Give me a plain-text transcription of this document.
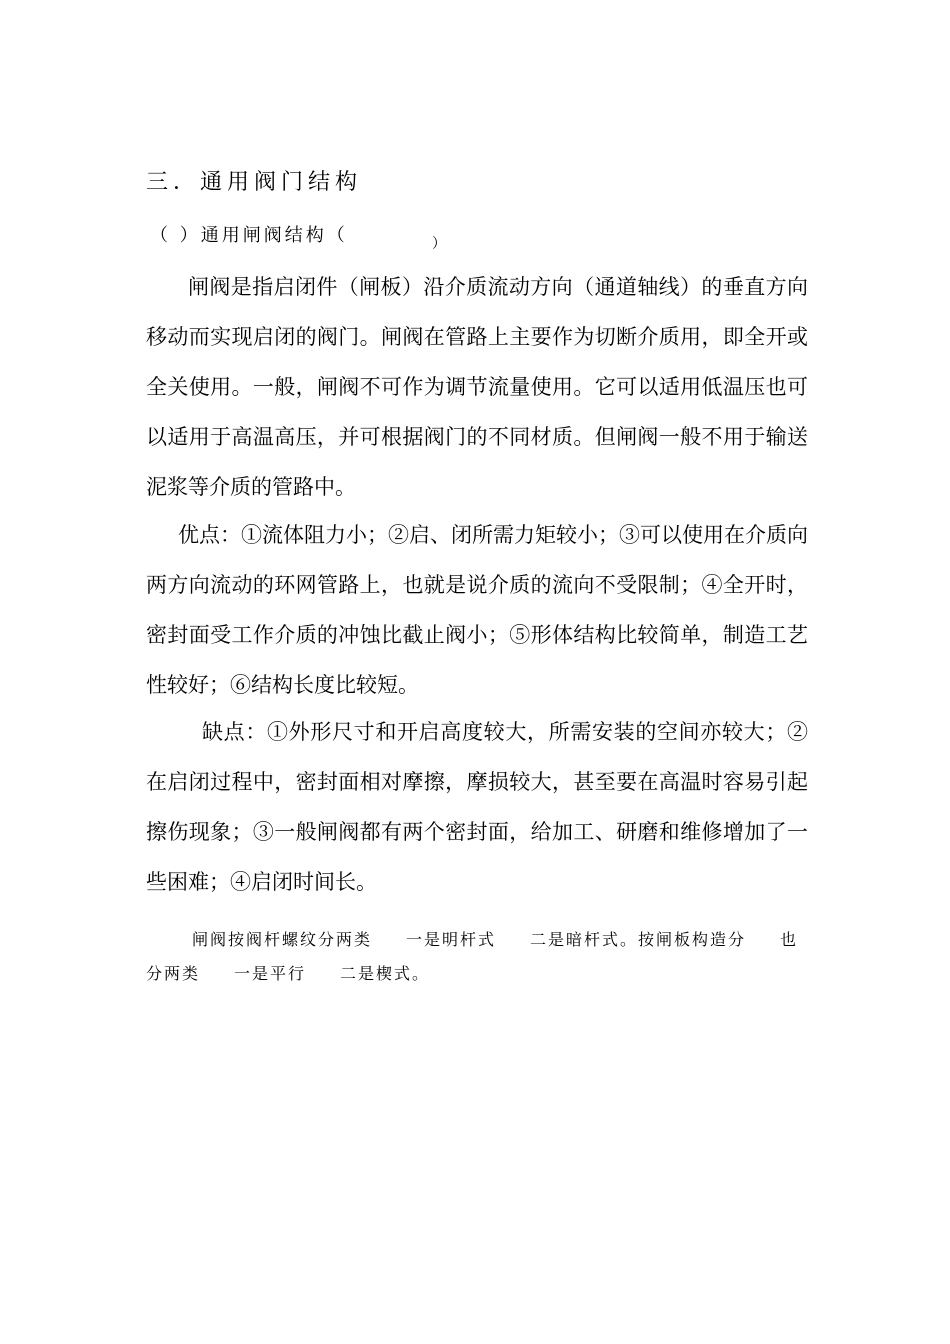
三．通用阀门结构
（ ）通用闸阀结构（	）
闸阀是指启闭件（闸板）沿介质流动方向（通道轴线）的垂直方向移动而实现启闭的阀门。闸阀在管路上主要作为切断介质用，即全开或全关使用。一般，闸阀不可作为调节流量使用。它可以适用低温压也可以适用于高温高压，并可根据阀门的不同材质。但闸阀一般不用于输送泥浆等介质的管路中。
优点：①流体阻力小；②启、闭所需力矩较小；③可以使用在介质向两方向流动的环网管路上，也就是说介质的流向不受限制；④全开时，密封面受工作介质的冲蚀比截止阀小；⑤形体结构比较简单，制造工艺性较好；⑥结构长度比较短。
缺点：①外形尺寸和开启高度较大，所需安装的空间亦较大；②在启闭过程中，密封面相对摩擦，摩损较大，甚至要在高温时容易引起擦伤现象；③一般闸阀都有两个密封面，给加工、研磨和维修增加了一些困难；④启闭时间长。
闸阀按阀杆螺纹分两类 一是明杆式 二是暗杆式。按闸板构造分 也分两类 一是平行 二是楔式。
